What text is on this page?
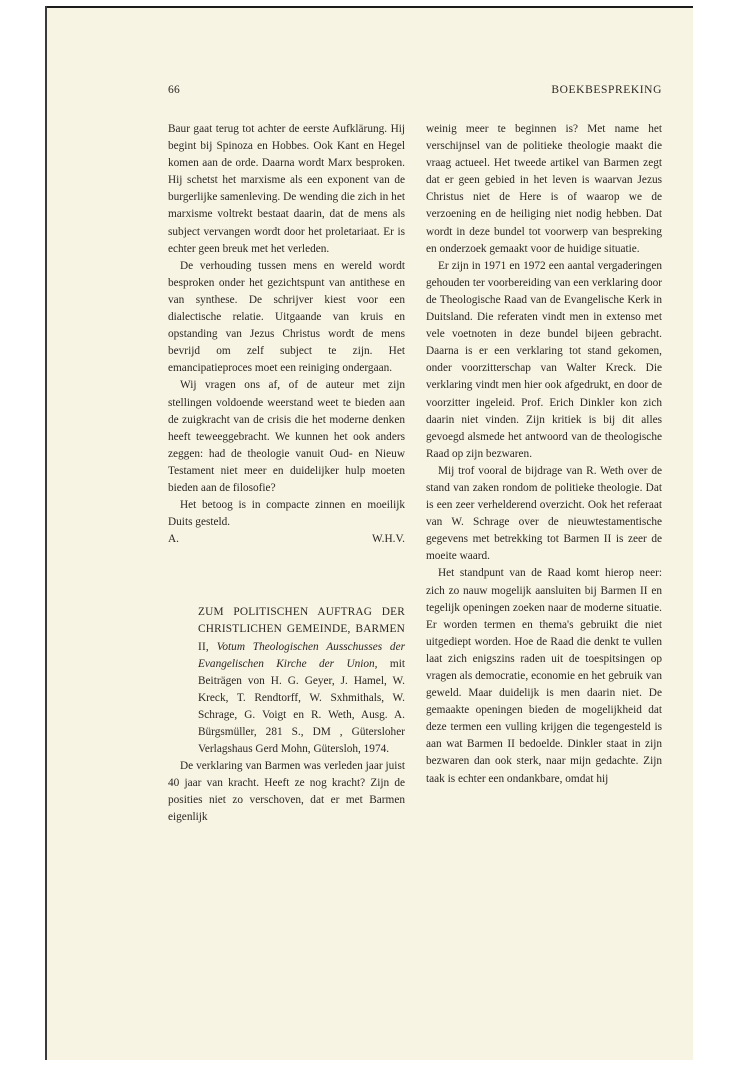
66	BOEKBESPREKING

Baur gaat terug tot achter de eerste Aufklärung. Hij begint bij Spinoza en Hobbes. Ook Kant en Hegel komen aan de orde. Daarna wordt Marx besproken. Hij schetst het marxisme als een exponent van de burgerlijke samenleving. De wending die zich in het marxisme voltrekt bestaat daarin, dat de mens als subject vervangen wordt door het proletariaat. Er is echter geen breuk met het verleden.

De verhouding tussen mens en wereld wordt besproken onder het gezichtspunt van antithese en van synthese. De schrijver kiest voor een dialectische relatie. Uitgaande van kruis en opstanding van Jezus Christus wordt de mens bevrijd om zelf subject te zijn. Het emancipatieproces moet een reiniging ondergaan.

Wij vragen ons af, of de auteur met zijn stellingen voldoende weerstand weet te bieden aan de zuigkracht van de crisis die het moderne denken heeft teweeggebracht. We kunnen het ook anders zeggen: had de theologie vanuit Oud- en Nieuw Testament niet meer en duidelijker hulp moeten bieden aan de filosofie?

Het betoog is in compacte zinnen en moeilijk Duits gesteld.

A.	W.H.V.
ZUM POLITISCHEN AUFTRAG DER CHRISTLICHEN GEMEINDE, BARMEN II, Votum Theologischen Ausschusses der Evangelischen Kirche der Union, mit Beiträgen von H. G. Geyer, J. Hamel, W. Kreck, T. Rendtorff, W. Sxhmithals, W. Schrage, G. Voigt en R. Weth, Ausg. A. Bürgsmüller, 281 S., DM , Gütersloher Verlagshaus Gerd Mohn, Gütersloh, 1974.

De verklaring van Barmen was verleden jaar juist 40 jaar van kracht. Heeft ze nog kracht? Zijn de posities niet zo verschoven, dat er met Barmen eigenlijk

weinig meer te beginnen is? Met name het verschijnsel van de politieke theologie maakt die vraag actueel. Het tweede artikel van Barmen zegt dat er geen gebied in het leven is waarvan Jezus Christus niet de Here is of waarop we de verzoening en de heiliging niet nodig hebben. Dat wordt in deze bundel tot voorwerp van bespreking en onderzoek gemaakt voor de huidige situatie.

Er zijn in 1971 en 1972 een aantal vergaderingen gehouden ter voorbereiding van een verklaring door de Theologische Raad van de Evangelische Kerk in Duitsland. Die referaten vindt men in extenso met vele voetnoten in deze bundel bijeen gebracht. Daarna is er een verklaring tot stand gekomen, onder voorzitterschap van Walter Kreck. Die verklaring vindt men hier ook afgedrukt, en door de voorzitter ingeleid. Prof. Erich Dinkler kon zich daarin niet vinden. Zijn kritiek is bij dit alles gevoegd alsmede het antwoord van de theologische Raad op zijn bezwaren.

Mij trof vooral de bijdrage van R. Weth over de stand van zaken rondom de politieke theologie. Dat is een zeer verhelderend overzicht. Ook het referaat van W. Schrage over de nieuwtestamentische gegevens met betrekking tot Barmen II is zeer de moeite waard.

Het standpunt van de Raad komt hierop neer: zich zo nauw mogelijk aansluiten bij Barmen II en tegelijk openingen zoeken naar de moderne situatie. Er worden termen en thema's gebruikt die niet uitgediept worden. Hoe de Raad die denkt te vullen laat zich enigszins raden uit de toespitsingen op vragen als democratie, economie en het gebruik van geweld. Maar duidelijk is men daarin niet. De gemaakte openingen bieden de mogelijkheid dat deze termen een vulling krijgen die tegengesteld is aan wat Barmen II bedoelde. Dinkler staat in zijn bezwaren dan ook sterk, naar mijn gedachte. Zijn taak is echter een ondankbare, omdat hij
